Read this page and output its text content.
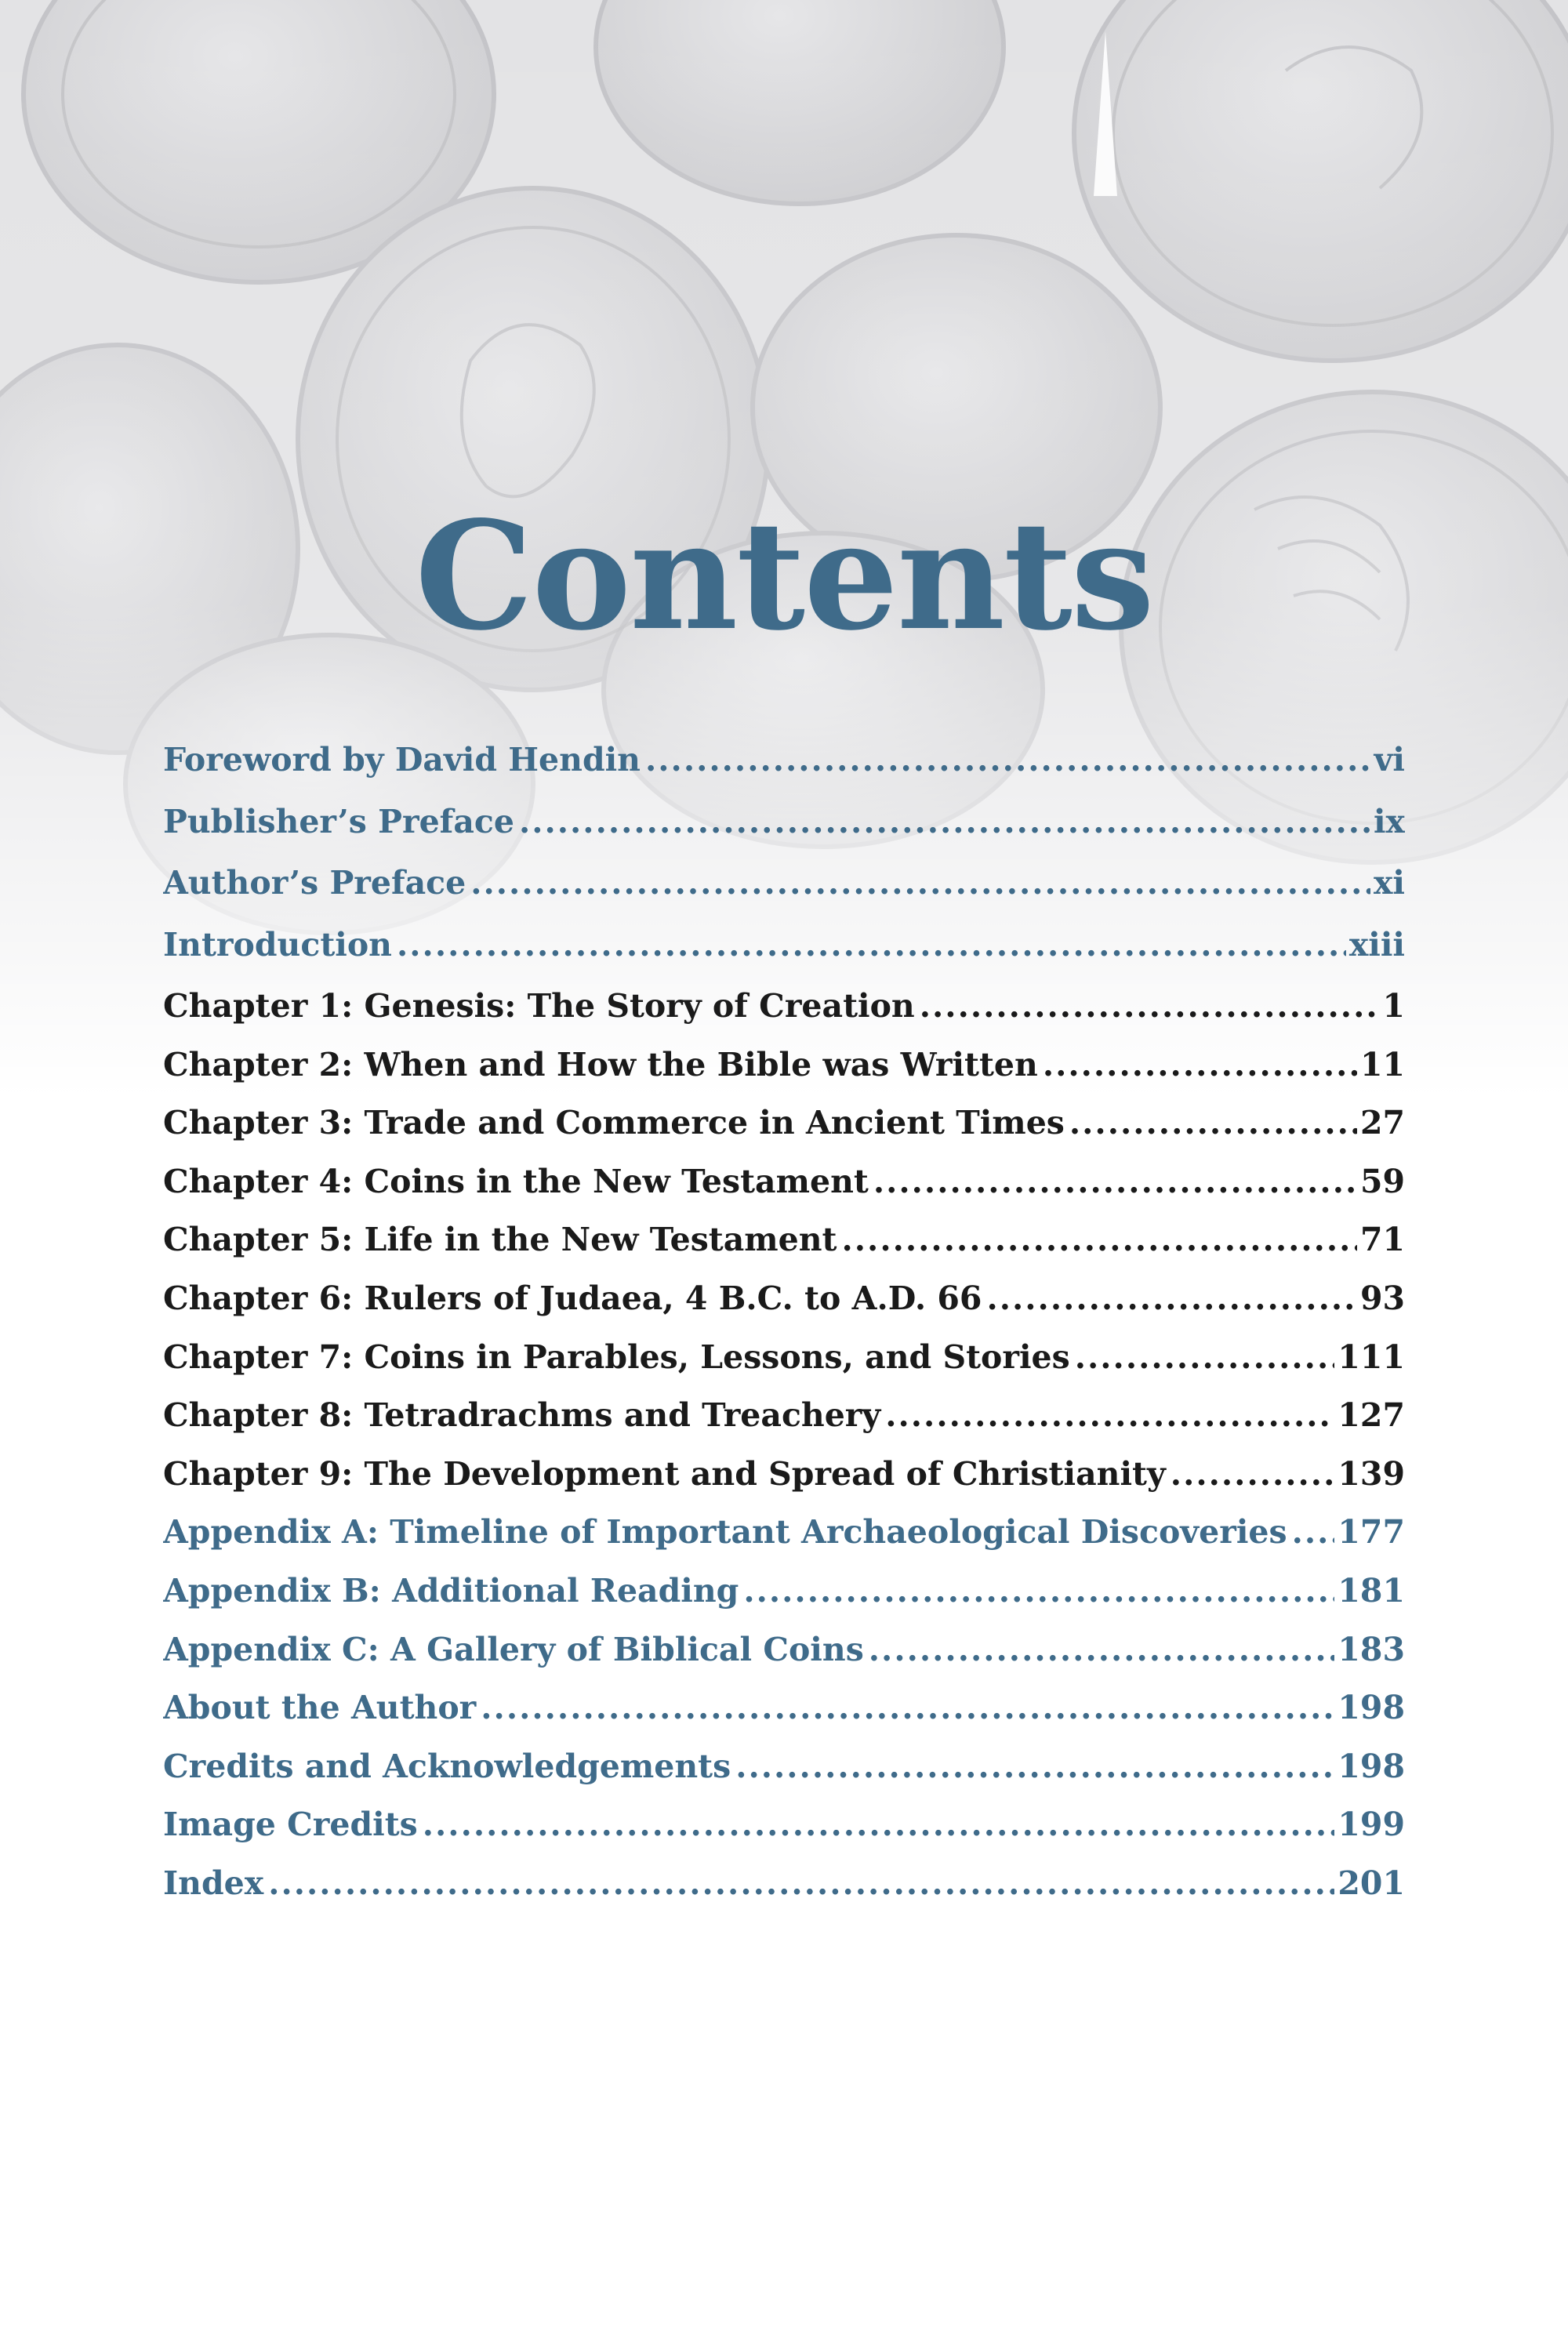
Contents
Foreword by David Hendin .....	vi
Publisher’s Preface .....	ix
Author’s Preface .....	xi
Introduction .....	xiii
Chapter 1: Genesis: The Story of Creation .....	1
Chapter 2: When and How the Bible was Written .....	11
Chapter 3: Trade and Commerce in Ancient Times .....	27
Chapter 4: Coins in the New Testament .....	59
Chapter 5: Life in the New Testament .....	71
Chapter 6: Rulers of Judaea, 4 B.C. to A.D. 66 .....	93
Chapter 7: Coins in Parables, Lessons, and Stories .....	111
Chapter 8: Tetradrachms and Treachery .....	127
Chapter 9: The Development and Spread of Christianity .....	139
Appendix A: Timeline of Important Archaeological Discoveries ..... 177
Appendix B: Additional Reading .....	181
Appendix C: A Gallery of Biblical Coins .....	183
About the Author .....	198
Credits and Acknowledgements .....	198
Image Credits .....	199
Index .....	201
